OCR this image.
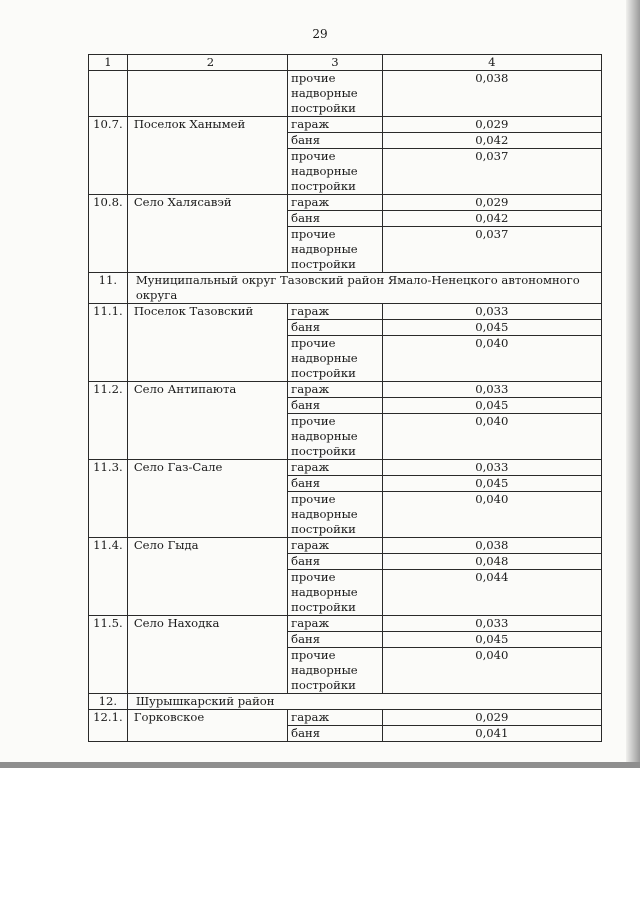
29
1	2	3	4
		прочие надворные постройки	0,038
10.7.	Поселок Ханымей	гараж	0,029
		баня	0,042
		прочие надворные постройки	0,037
10.8.	Село Халясавэй	гараж	0,029
		баня	0,042
		прочие надворные постройки	0,037
11.	Муниципальный округ Тазовский район Ямало-Ненецкого автономного округа		
11.1.	Поселок Тазовский	гараж	0,033
		баня	0,045
		прочие надворные постройки	0,040
11.2.	Село Антипаюта	гараж	0,033
		баня	0,045
		прочие надворные постройки	0,040
11.3.	Село Газ-Сале	гараж	0,033
		баня	0,045
		прочие надворные постройки	0,040
11.4.	Село Гыда	гараж	0,038
		баня	0,048
		прочие надворные постройки	0,044
11.5.	Село Находка	гараж	0,033
		баня	0,045
		прочие надворные постройки	0,040
12.	Шурышкарский район		
12.1.	Горковское	гараж	0,029
		баня	0,041
